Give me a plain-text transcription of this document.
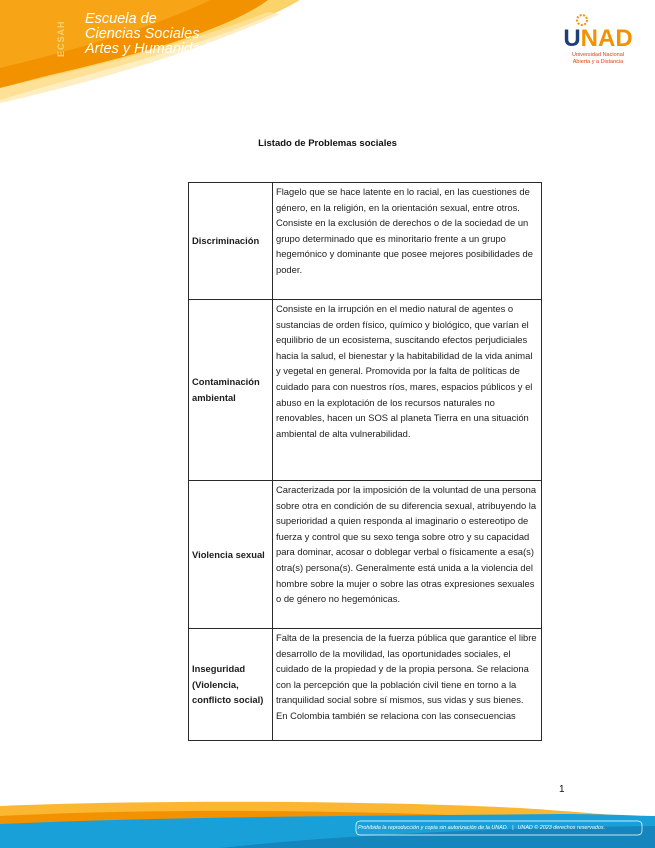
ECSAH
Escuela de
Ciencias Sociales
Artes y Humanidades	UNAD
Universidad Nacional
Abierta y a Distancia
Listado de Problemas sociales
Discriminación	Flagelo que se hace latente en lo racial, en las cuestiones de género, en la religión, en la orientación sexual, entre otros. Consiste en la exclusión de derechos o de la sociedad de un grupo determinado que es minoritario frente a un grupo hegemónico y dominante que posee mejores posibilidades de poder.
Contaminación ambiental	Consiste en la irrupción en el medio natural de agentes o sustancias de orden físico, químico y biológico, que varían el equilibrio de un ecosistema, suscitando efectos perjudiciales hacia la salud, el bienestar y la habitabilidad de la vida animal y vegetal en general. Promovida por la falta de políticas de cuidado para con nuestros ríos, mares, espacios públicos y el abuso en la explotación de los recursos naturales no renovables, hacen un SOS al planeta Tierra en una situación ambiental de alta vulnerabilidad.
Violencia sexual	Caracterizada por la imposición de la voluntad de una persona sobre otra en condición de su diferencia sexual, atribuyendo la superioridad a quien responda al imaginario o estereotipo de fuerza y control que su sexo tenga sobre otro y su capacidad para dominar, acosar o doblegar verbal o físicamente a esa(s) otra(s) persona(s). Generalmente está unida a la violencia del hombre sobre la mujer o sobre las otras expresiones sexuales o de género no hegemónicas.
Inseguridad (Violencia, conflicto social)	Falta de la presencia de la fuerza pública que garantice el libre desarrollo de la movilidad, las oportunidades sociales, el cuidado de la propiedad y de la propia persona. Se relaciona con la percepción que la población civil tiene en torno a la tranquilidad social sobre sí mismos, sus vidas y sus bienes. En Colombia también se relaciona con las consecuencias
1
Prohibida la reproducción y copia sin autorización de la UNAD. | UNAD © 2023 derechos reservados.
